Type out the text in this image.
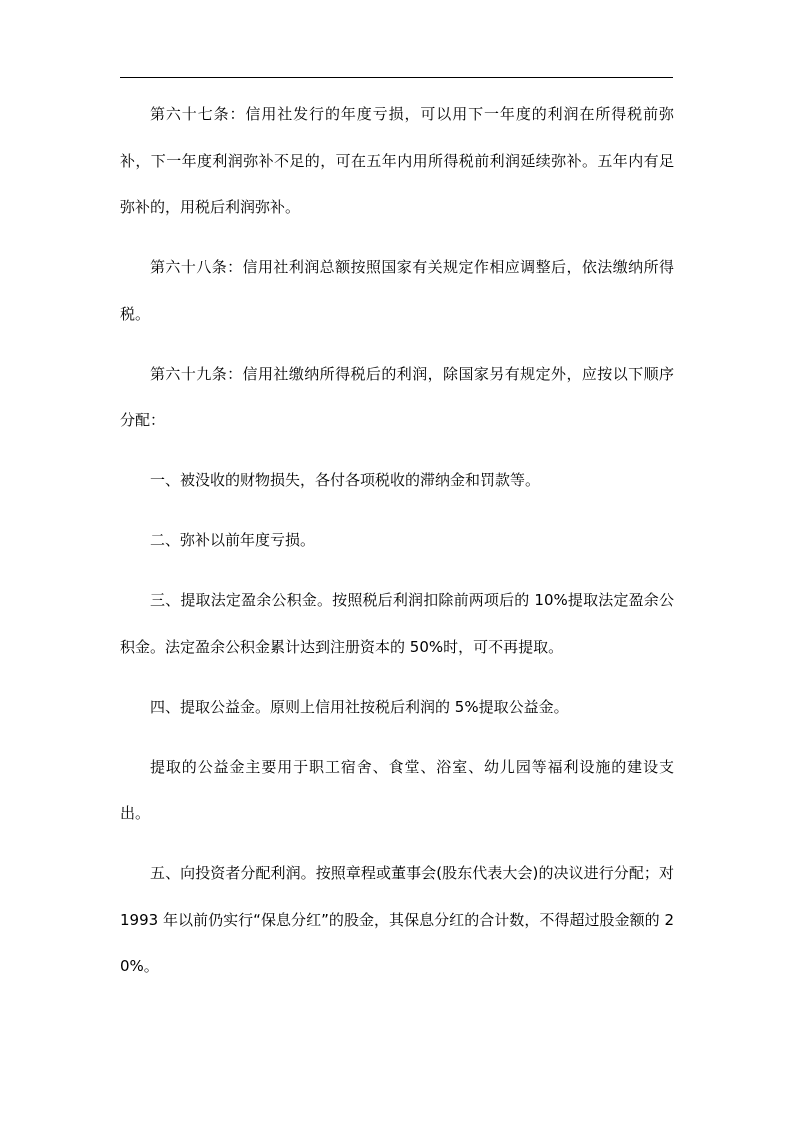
第六十七条：信用社发行的年度亏损，可以用下一年度的利润在所得税前弥补，下一年度利润弥补不足的，可在五年内用所得税前利润延续弥补。五年内有足弥补的，用税后利润弥补。

第六十八条：信用社利润总额按照国家有关规定作相应调整后，依法缴纳所得税。

第六十九条：信用社缴纳所得税后的利润，除国家另有规定外，应按以下顺序分配：

一、被没收的财物损失，各付各项税收的滞纳金和罚款等。

二、弥补以前年度亏损。

三、提取法定盈余公积金。按照税后利润扣除前两项后的 10%提取法定盈余公积金。法定盈余公积金累计达到注册资本的 50%时，可不再提取。

四、提取公益金。原则上信用社按税后利润的 5%提取公益金。

提取的公益金主要用于职工宿舍、食堂、浴室、幼儿园等福利设施的建设支出。

五、向投资者分配利润。按照章程或董事会(股东代表大会)的决议进行分配；对 1993 年以前仍实行“保息分红”的股金，其保息分红的合计数，不得超过股金额的 20%。
